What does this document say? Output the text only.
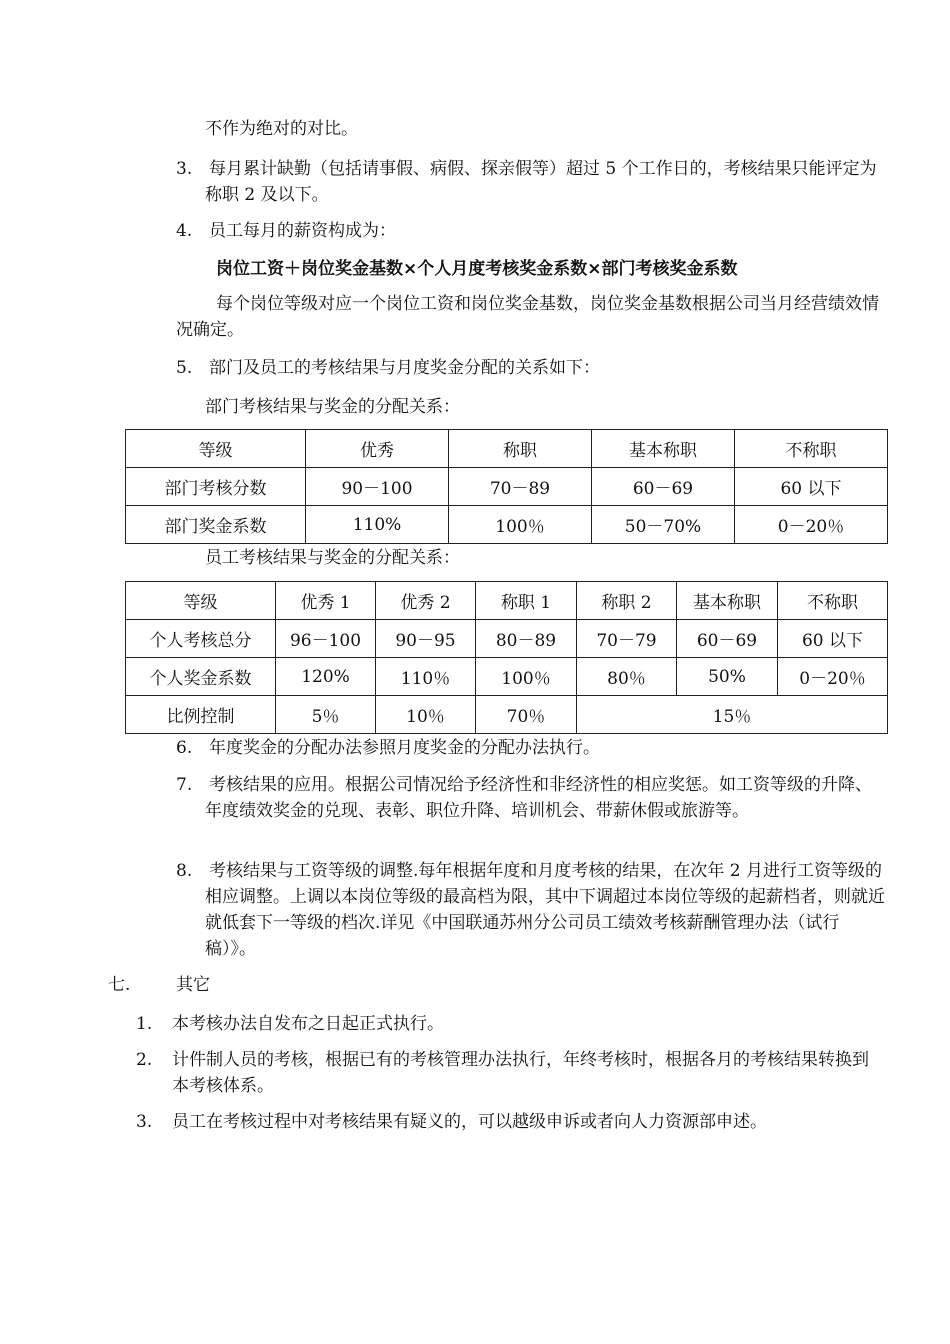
不作为绝对的对比。
3. 每月累计缺勤（包括请事假、病假、探亲假等）超过 5 个工作日的，考核结果只能评定为称职 2 及以下。
4. 员工每月的薪资构成为：
岗位工资＋岗位奖金基数×个人月度考核奖金系数×部门考核奖金系数
每个岗位等级对应一个岗位工资和岗位奖金基数，岗位奖金基数根据公司当月经营绩效情况确定。
5. 部门及员工的考核结果与月度奖金分配的关系如下：
部门考核结果与奖金的分配关系：
等级	优秀	称职	基本称职	不称职
部门考核分数	90－100	70－89	60－69	60 以下
部门奖金系数	110%	100％	50－70%	0－20％
员工考核结果与奖金的分配关系：
等级	优秀 1	优秀 2	称职 1	称职 2	基本称职	不称职
个人考核总分	96－100	90－95	80－89	70－79	60－69	60 以下
个人奖金系数	120%	110％	100％	80％	50%	0－20％
比例控制	5％	10％	70％	15％		
6. 年度奖金的分配办法参照月度奖金的分配办法执行。
7. 考核结果的应用。根据公司情况给予经济性和非经济性的相应奖惩。如工资等级的升降、年度绩效奖金的兑现、表彰、职位升降、培训机会、带薪休假或旅游等。
8. 考核结果与工资等级的调整.每年根据年度和月度考核的结果，在次年 2 月进行工资等级的相应调整。上调以本岗位等级的最高档为限，其中下调超过本岗位等级的起薪档者，则就近就低套下一等级的档次.详见《中国联通苏州分公司员工绩效考核薪酬管理办法（试行稿）》。
七.	其它
1. 本考核办法自发布之日起正式执行。
2. 计件制人员的考核，根据已有的考核管理办法执行，年终考核时，根据各月的考核结果转换到本考核体系。
3. 员工在考核过程中对考核结果有疑义的，可以越级申诉或者向人力资源部申述。
